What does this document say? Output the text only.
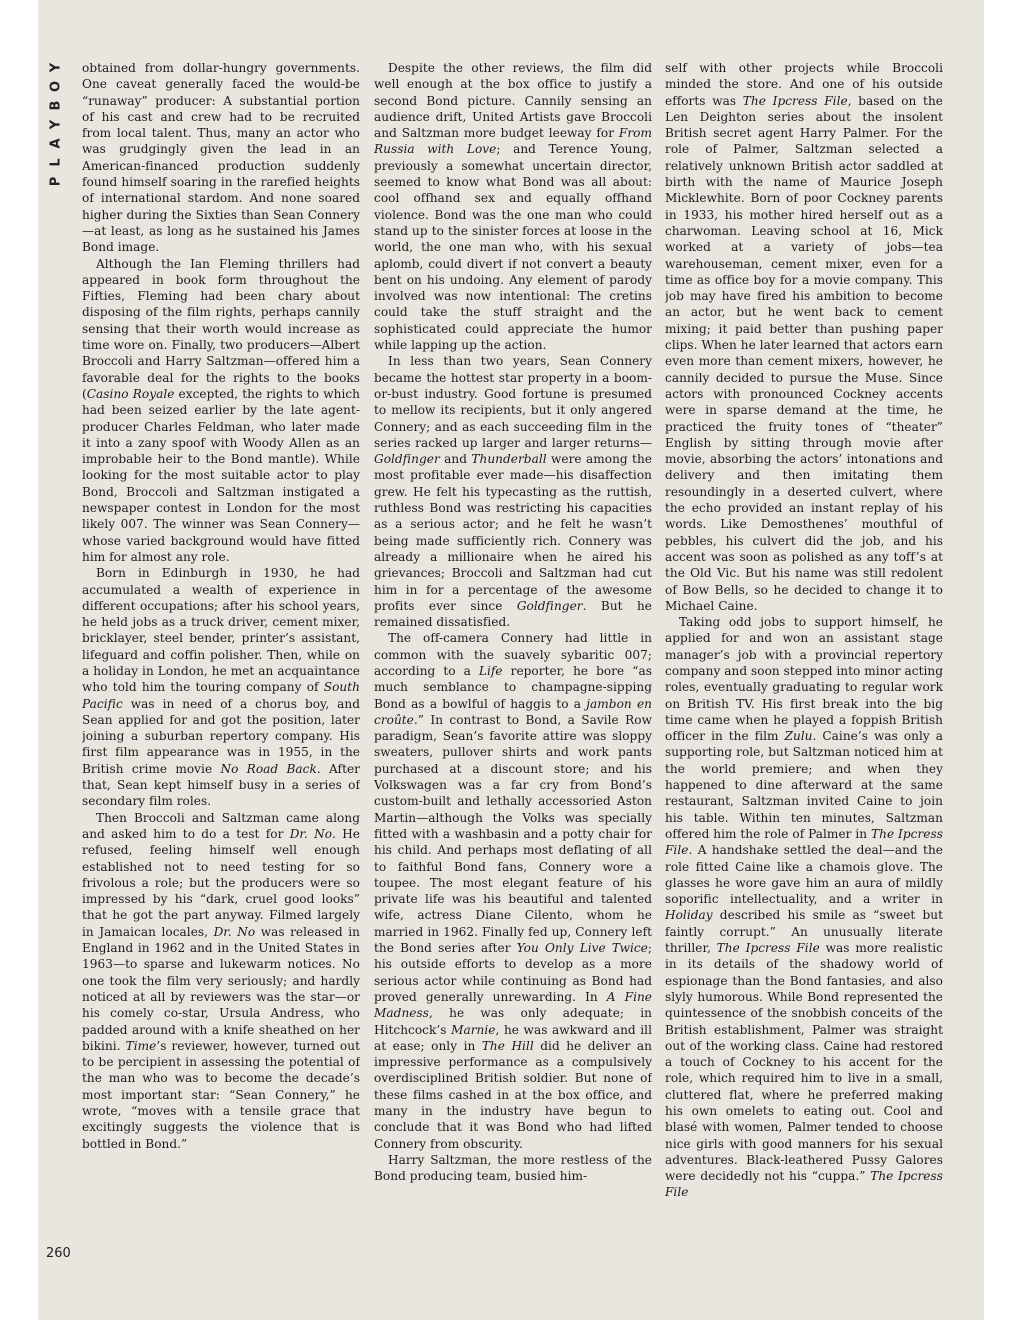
Y
O
B
Y
A
L
P
260

obtained from dollar-hungry governments. One caveat generally faced the would-be “runaway” producer: A substantial portion of his cast and crew had to be recruited from local talent. Thus, many an actor who was grudgingly given the lead in an American-financed production suddenly found himself soaring in the rarefied heights of international stardom. And none soared higher during the Sixties than Sean Connery—at least, as long as he sustained his James Bond image.

Although the Ian Fleming thrillers had appeared in book form throughout the Fifties, Fleming had been chary about disposing of the film rights, perhaps cannily sensing that their worth would increase as time wore on. Finally, two producers—Albert Broccoli and Harry Saltzman—offered him a favorable deal for the rights to the books (Casino Royale excepted, the rights to which had been seized earlier by the late agent-producer Charles Feldman, who later made it into a zany spoof with Woody Allen as an improbable heir to the Bond mantle). While looking for the most suitable actor to play Bond, Broccoli and Saltzman instigated a newspaper contest in London for the most likely 007. The winner was Sean Connery—whose varied background would have fitted him for almost any role.

Born in Edinburgh in 1930, he had accumulated a wealth of experience in different occupations; after his school years, he held jobs as a truck driver, cement mixer, bricklayer, steel bender, printer’s assistant, lifeguard and coffin polisher. Then, while on a holiday in London, he met an acquaintance who told him the touring company of South Pacific was in need of a chorus boy, and Sean applied for and got the position, later joining a suburban repertory company. His first film appearance was in 1955, in the British crime movie No Road Back. After that, Sean kept himself busy in a series of secondary film roles.

Then Broccoli and Saltzman came along and asked him to do a test for Dr. No. He refused, feeling himself well enough established not to need testing for so frivolous a role; but the producers were so impressed by his “dark, cruel good looks” that he got the part anyway. Filmed largely in Jamaican locales, Dr. No was released in England in 1962 and in the United States in 1963—to sparse and lukewarm notices. No one took the film very seriously; and hardly noticed at all by reviewers was the star—or his comely co-star, Ursula Andress, who padded around with a knife sheathed on her bikini. Time’s reviewer, however, turned out to be percipient in assessing the potential of the man who was to become the decade’s most important star: “Sean Connery,” he wrote, “moves with a tensile grace that excitingly suggests the violence that is bottled in Bond.”

Despite the other reviews, the film did well enough at the box office to justify a second Bond picture. Cannily sensing an audience drift, United Artists gave Broccoli and Saltzman more budget leeway for From Russia with Love; and Terence Young, previously a somewhat uncertain director, seemed to know what Bond was all about: cool offhand sex and equally offhand violence. Bond was the one man who could stand up to the sinister forces at loose in the world, the one man who, with his sexual aplomb, could divert if not convert a beauty bent on his undoing. Any element of parody involved was now intentional: The cretins could take the stuff straight and the sophisticated could appreciate the humor while lapping up the action.

In less than two years, Sean Connery became the hottest star property in a boom-or-bust industry. Good fortune is presumed to mellow its recipients, but it only angered Connery; and as each succeeding film in the series racked up larger and larger returns—Goldfinger and Thunderball were among the most profitable ever made—his disaffection grew. He felt his typecasting as the ruttish, ruthless Bond was restricting his capacities as a serious actor; and he felt he wasn’t being made sufficiently rich. Connery was already a millionaire when he aired his grievances; Broccoli and Saltzman had cut him in for a percentage of the awesome profits ever since Goldfinger. But he remained dissatisfied.

The off-camera Connery had little in common with the suavely sybaritic 007; according to a Life reporter, he bore “as much semblance to champagne-sipping Bond as a bowlful of haggis to a jambon en croûte.” In contrast to Bond, a Savile Row paradigm, Sean’s favorite attire was sloppy sweaters, pullover shirts and work pants purchased at a discount store; and his Volkswagen was a far cry from Bond’s custom-built and lethally accessoried Aston Martin—although the Volks was specially fitted with a washbasin and a potty chair for his child. And perhaps most deflating of all to faithful Bond fans, Connery wore a toupee. The most elegant feature of his private life was his beautiful and talented wife, actress Diane Cilento, whom he married in 1962. Finally fed up, Connery left the Bond series after You Only Live Twice; his outside efforts to develop as a more serious actor while continuing as Bond had proved generally unrewarding. In A Fine Madness, he was only adequate; in Hitchcock’s Marnie, he was awkward and ill at ease; only in The Hill did he deliver an impressive performance as a compulsively overdisciplined British soldier. But none of these films cashed in at the box office, and many in the industry have begun to conclude that it was Bond who had lifted Connery from obscurity.

Harry Saltzman, the more restless of the Bond producing team, busied him-

self with other projects while Broccoli minded the store. And one of his outside efforts was The Ipcress File, based on the Len Deighton series about the insolent British secret agent Harry Palmer. For the role of Palmer, Saltzman selected a relatively unknown British actor saddled at birth with the name of Maurice Joseph Micklewhite. Born of poor Cockney parents in 1933, his mother hired herself out as a charwoman. Leaving school at 16, Mick worked at a variety of jobs—tea warehouseman, cement mixer, even for a time as office boy for a movie company. This job may have fired his ambition to become an actor, but he went back to cement mixing; it paid better than pushing paper clips. When he later learned that actors earn even more than cement mixers, however, he cannily decided to pursue the Muse. Since actors with pronounced Cockney accents were in sparse demand at the time, he practiced the fruity tones of “theater” English by sitting through movie after movie, absorbing the actors’ intonations and delivery and then imitating them resoundingly in a deserted culvert, where the echo provided an instant replay of his words. Like Demosthenes’ mouthful of pebbles, his culvert did the job, and his accent was soon as polished as any toff’s at the Old Vic. But his name was still redolent of Bow Bells, so he decided to change it to Michael Caine.

Taking odd jobs to support himself, he applied for and won an assistant stage manager’s job with a provincial repertory company and soon stepped into minor acting roles, eventually graduating to regular work on British TV. His first break into the big time came when he played a foppish British officer in the film Zulu. Caine’s was only a supporting role, but Saltzman noticed him at the world premiere; and when they happened to dine afterward at the same restaurant, Saltzman invited Caine to join his table. Within ten minutes, Saltzman offered him the role of Palmer in The Ipcress File. A handshake settled the deal—and the role fitted Caine like a chamois glove. The glasses he wore gave him an aura of mildly soporific intellectuality, and a writer in Holiday described his smile as “sweet but faintly corrupt.” An unusually literate thriller, The Ipcress File was more realistic in its details of the shadowy world of espionage than the Bond fantasies, and also slyly humorous. While Bond represented the quintessence of the snobbish conceits of the British establishment, Palmer was straight out of the working class. Caine had restored a touch of Cockney to his accent for the role, which required him to live in a small, cluttered flat, where he preferred making his own omelets to eating out. Cool and blasé with women, Palmer tended to choose nice girls with good manners for his sexual adventures. Black-leathered Pussy Galores were decidedly not his “cuppa.” The Ipcress File
